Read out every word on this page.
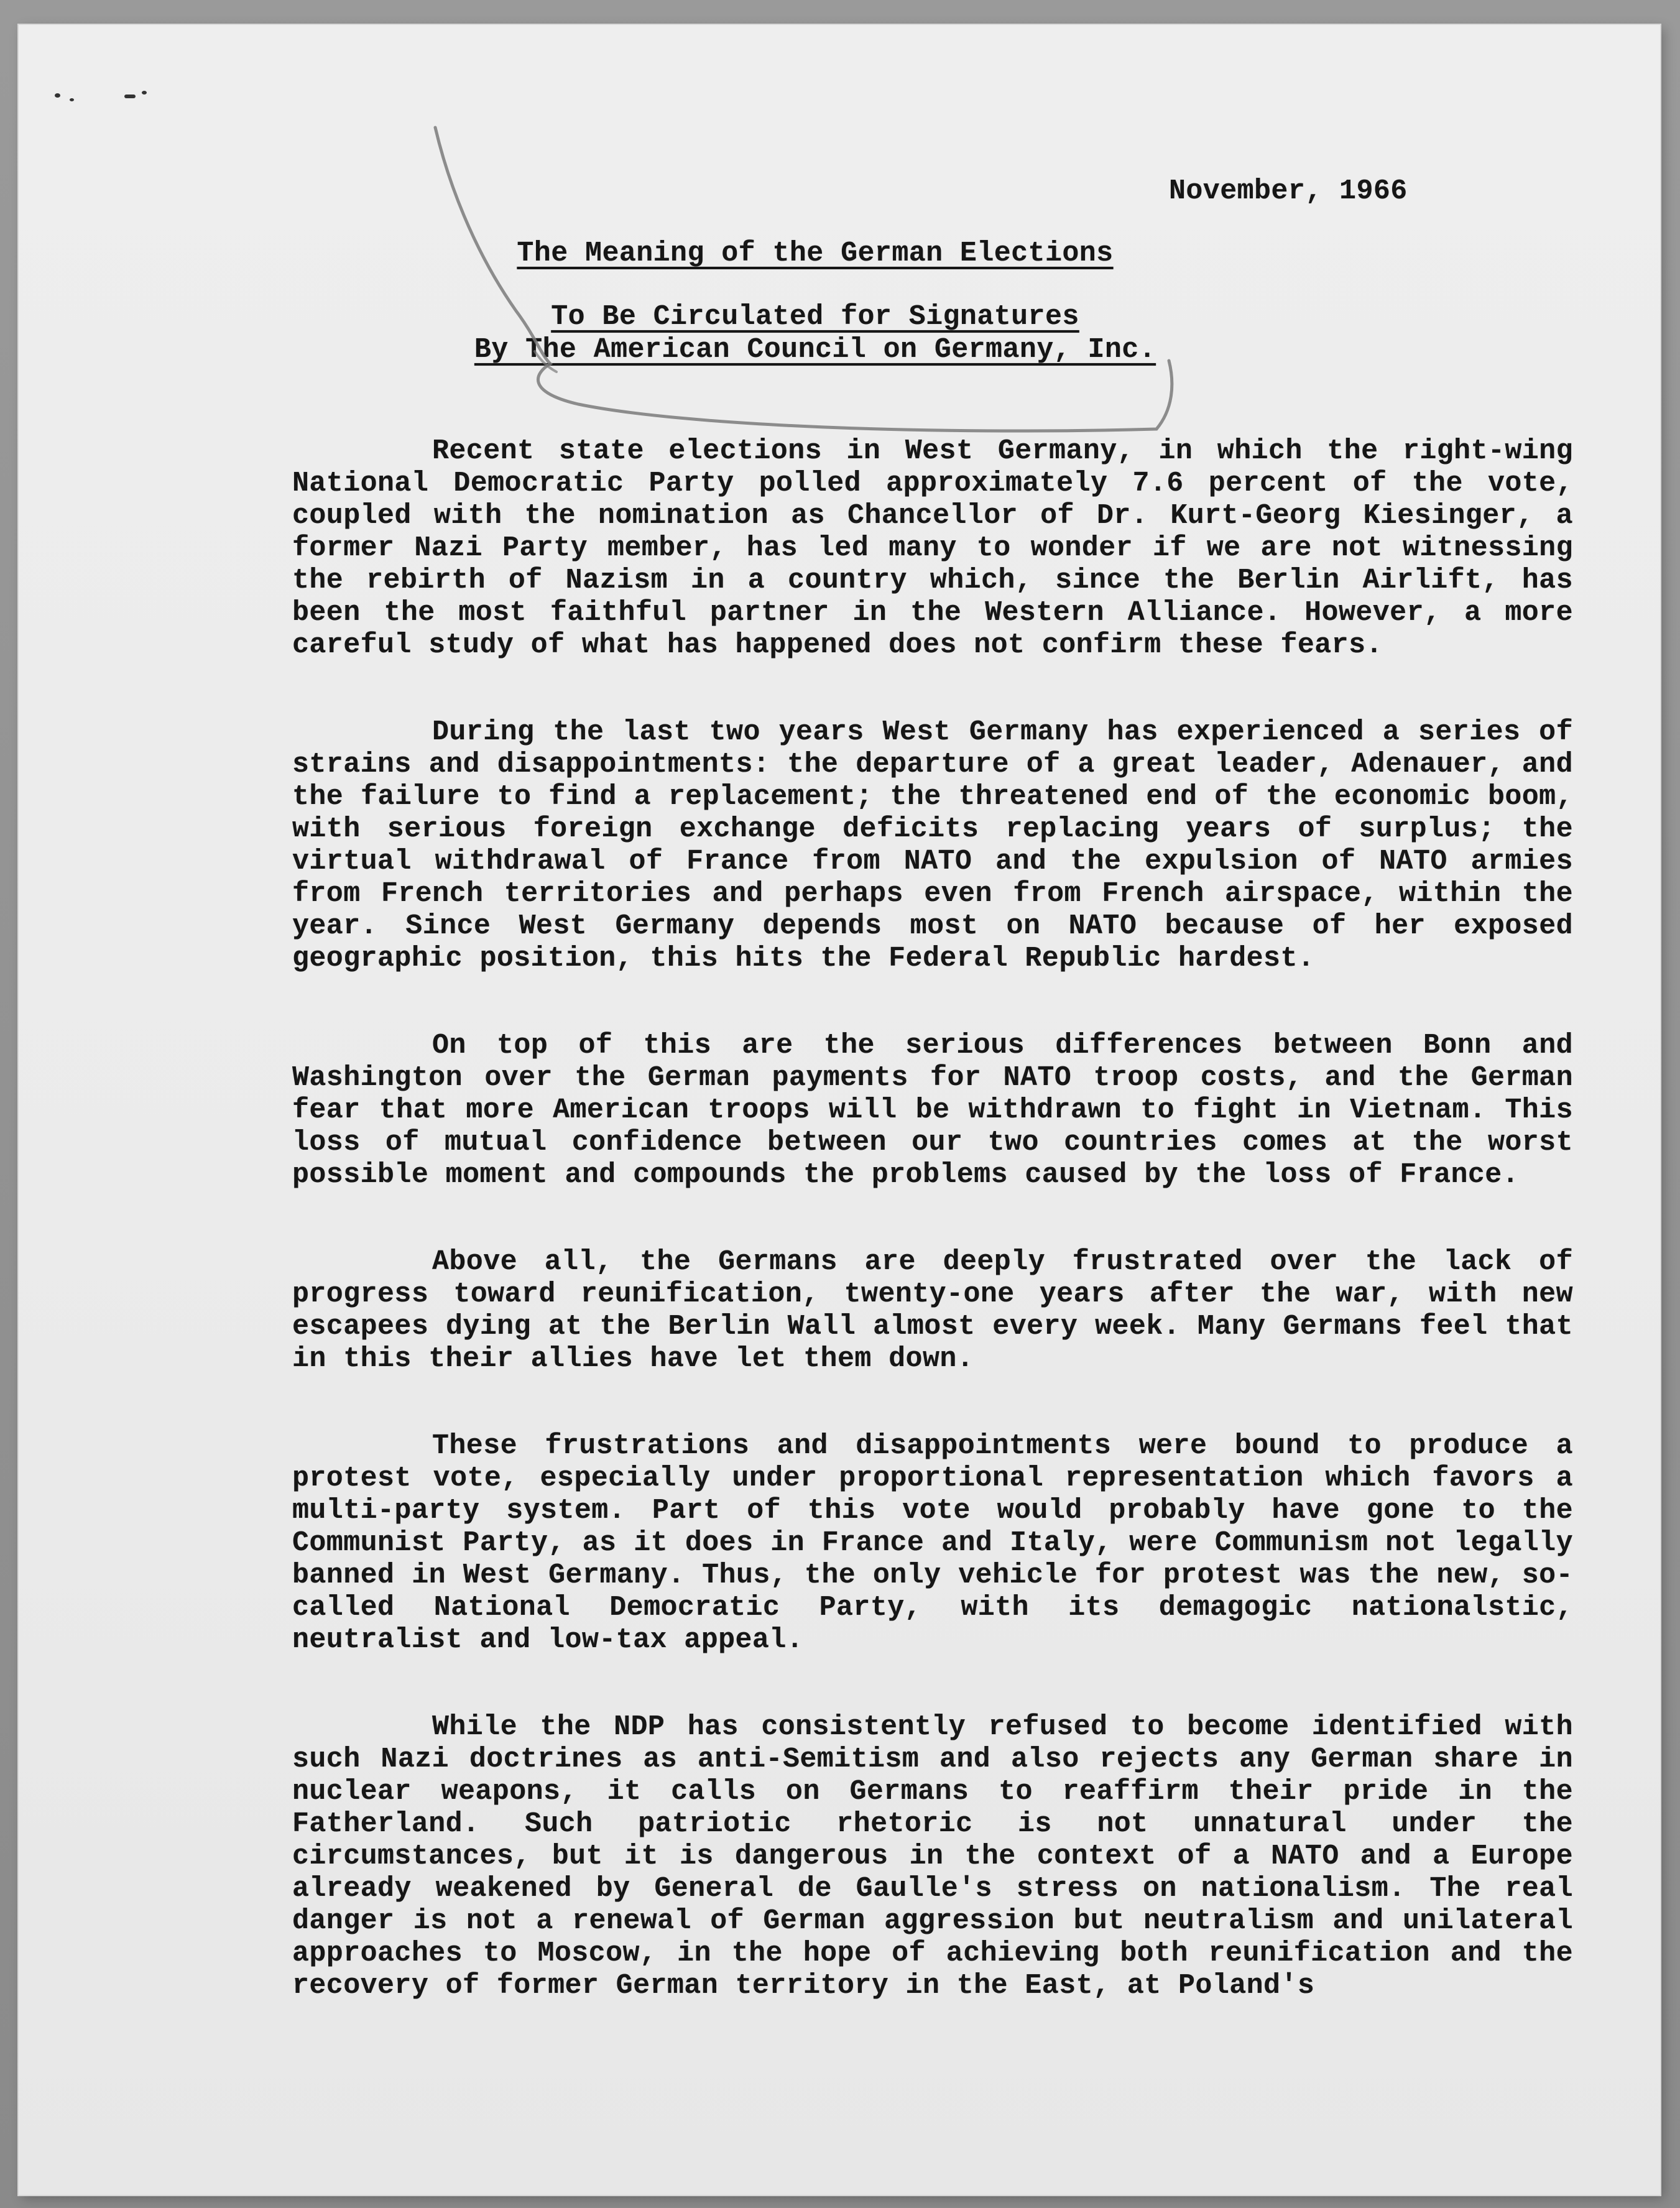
November, 1966
The Meaning of the German Elections
To Be Circulated for Signatures
By The American Council on Germany, Inc.

Recent state elections in West Germany, in which the right-wing National Democratic Party polled approximately 7.6 percent of the vote, coupled with the nomination as Chancellor of Dr. Kurt-Georg Kiesinger, a former Nazi Party member, has led many to wonder if we are not witnessing the rebirth of Nazism in a country which, since the Berlin Airlift, has been the most faithful partner in the Western Alliance. However, a more careful study of what has happened does not confirm these fears.

During the last two years West Germany has experienced a series of strains and disappointments: the departure of a great leader, Adenauer, and the failure to find a replacement; the threatened end of the economic boom, with serious foreign exchange deficits replacing years of surplus; the virtual withdrawal of France from NATO and the expulsion of NATO armies from French territories and perhaps even from French airspace, within the year. Since West Germany depends most on NATO because of her exposed geographic position, this hits the Federal Republic hardest.

On top of this are the serious differences between Bonn and Washington over the German payments for NATO troop costs, and the German fear that more American troops will be withdrawn to fight in Vietnam. This loss of mutual confidence between our two countries comes at the worst possible moment and compounds the problems caused by the loss of France.

Above all, the Germans are deeply frustrated over the lack of progress toward reunification, twenty-one years after the war, with new escapees dying at the Berlin Wall almost every week. Many Germans feel that in this their allies have let them down.

These frustrations and disappointments were bound to produce a protest vote, especially under proportional representation which favors a multi-party system. Part of this vote would probably have gone to the Communist Party, as it does in France and Italy, were Communism not legally banned in West Germany. Thus, the only vehicle for protest was the new, so-called National Democratic Party, with its demagogic nationalstic, neutralist and low-tax appeal.

While the NDP has consistently refused to become identified with such Nazi doctrines as anti-Semitism and also rejects any German share in nuclear weapons, it calls on Germans to reaffirm their pride in the Fatherland. Such patriotic rhetoric is not unnatural under the circumstances, but it is dangerous in the context of a NATO and a Europe already weakened by General de Gaulle's stress on nationalism. The real danger is not a renewal of German aggression but neutralism and unilateral approaches to Moscow, in the hope of achieving both reunification and the recovery of former German territory in the East, at Poland's
